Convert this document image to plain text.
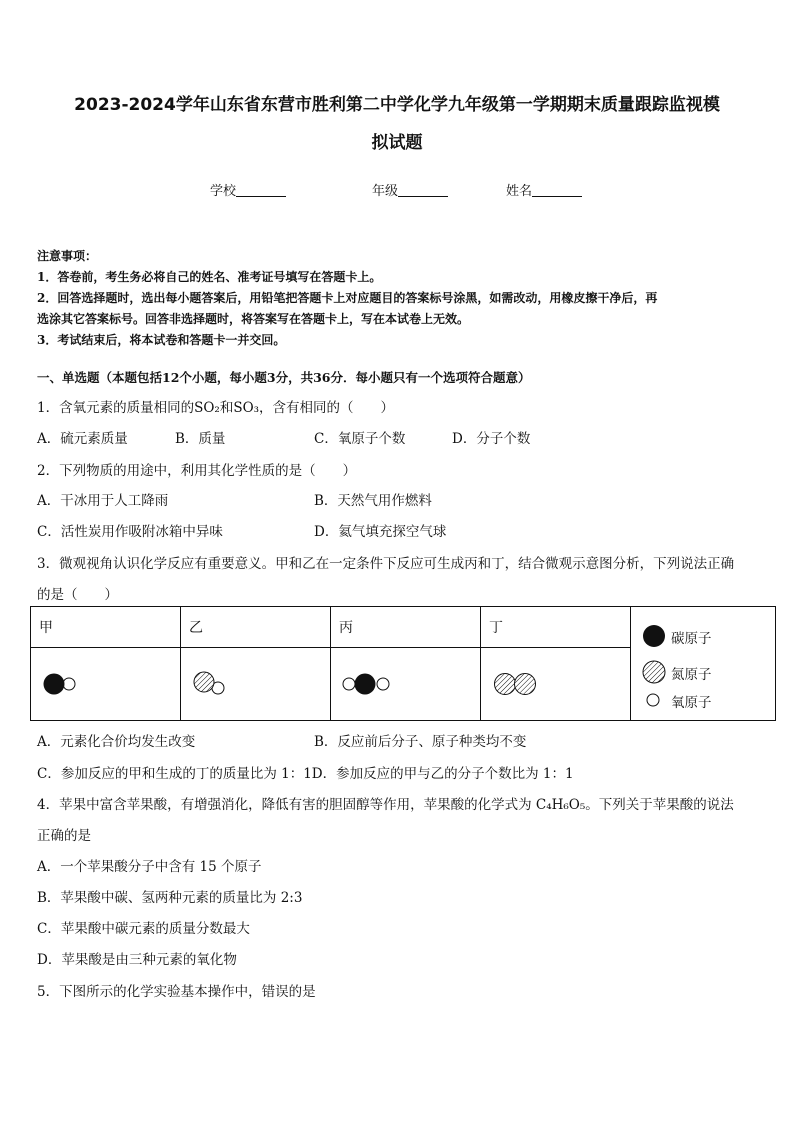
2023-2024学年山东省东营市胜利第二中学化学九年级第一学期期末质量跟踪监视模
拟试题
学校	年级	姓名
注意事项：
1．答卷前，考生务必将自己的姓名、准考证号填写在答题卡上。
2．回答选择题时，选出每小题答案后，用铅笔把答题卡上对应题目的答案标号涂黑，如需改动，用橡皮擦干净后，再
选涂其它答案标号。回答非选择题时，将答案写在答题卡上，写在本试卷上无效。
3．考试结束后，将本试卷和答题卡一并交回。
一、单选题（本题包括12个小题，每小题3分，共36分．每小题只有一个选项符合题意）
1．含氧元素的质量相同的SO₂和SO₃，含有相同的（　　）
A．硫元素质量	B．质量	C．氧原子个数	D．分子个数
2．下列物质的用途中，利用其化学性质的是（　　）
A．干冰用于人工降雨	B．天然气用作燃料
C．活性炭用作吸附冰箱中异味	D．氦气填充探空气球
3．微观视角认识化学反应有重要意义。甲和乙在一定条件下反应可生成丙和丁，结合微观示意图分析，下列说法正确
的是（　　）
甲	乙	丙	丁	碳原子
氮原子
氧原子

A．元素化合价均发生改变	B．反应前后分子、原子种类均不变
C．参加反应的甲和生成的丁的质量比为 1：1D．参加反应的甲与乙的分子个数比为 1：1
4．苹果中富含苹果酸，有增强消化，降低有害的胆固醇等作用，苹果酸的化学式为 C₄H₆O₅。下列关于苹果酸的说法
正确的是
A．一个苹果酸分子中含有 15 个原子
B．苹果酸中碳、氢两种元素的质量比为 2:3
C．苹果酸中碳元素的质量分数最大
D．苹果酸是由三种元素的氧化物
5．下图所示的化学实验基本操作中，错误的是
